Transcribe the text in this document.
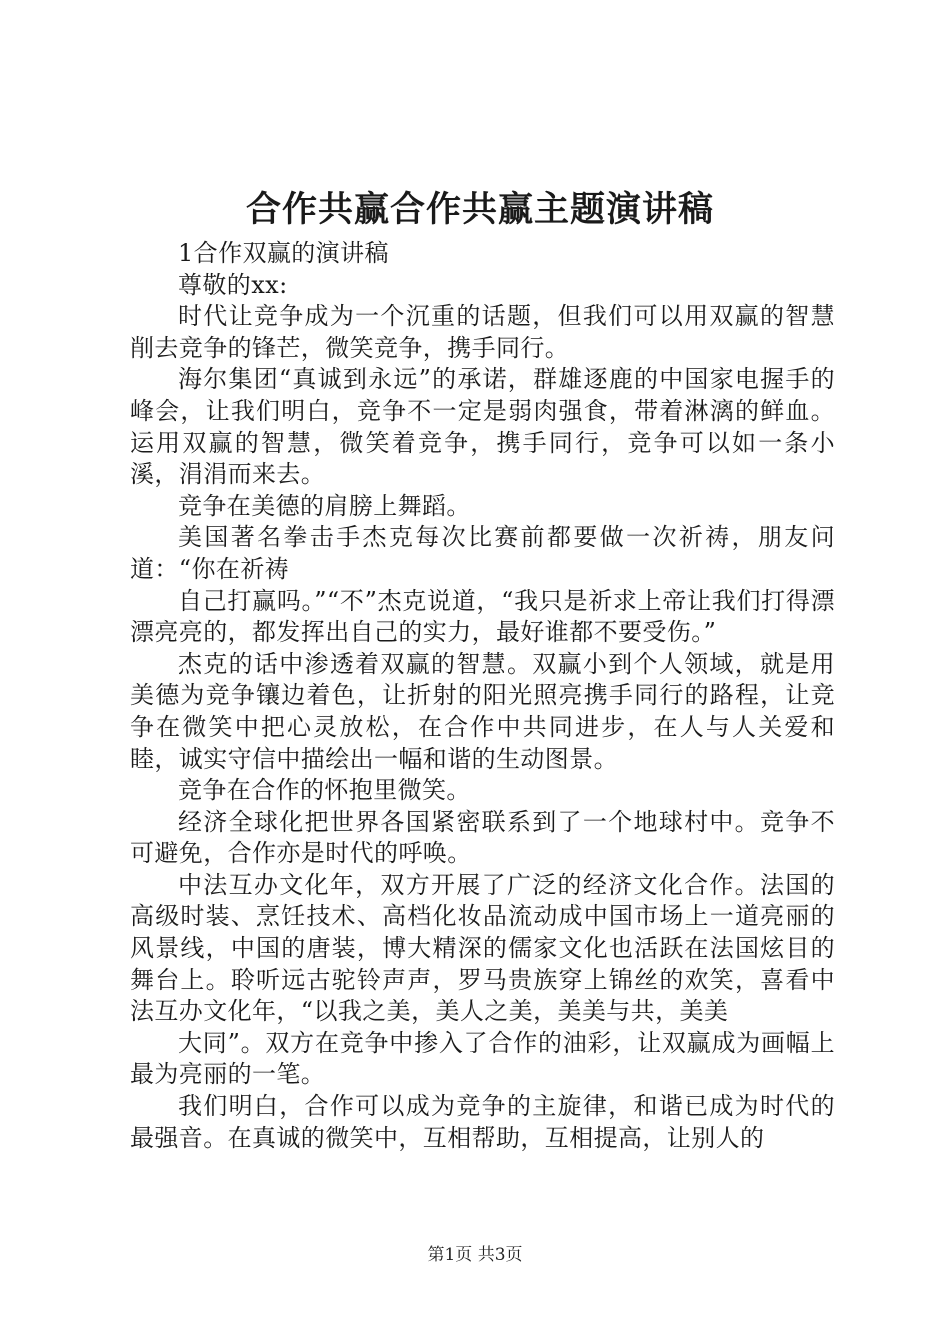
合作共赢合作共赢主题演讲稿

1合作双赢的演讲稿

尊敬的xx:

时代让竞争成为一个沉重的话题，但我们可以用双赢的智慧削去竞争的锋芒，微笑竞争，携手同行。

海尔集团“真诚到永远”的承诺，群雄逐鹿的中国家电握手的峰会，让我们明白，竞争不一定是弱肉强食，带着淋漓的鲜血。运用双赢的智慧，微笑着竞争，携手同行，竞争可以如一条小溪，涓涓而来去。

竞争在美德的肩膀上舞蹈。

美国著名拳击手杰克每次比赛前都要做一次祈祷，朋友问道：“你在祈祷

自己打赢吗。”“不”杰克说道，“我只是祈求上帝让我们打得漂漂亮亮的，都发挥出自己的实力，最好谁都不要受伤。”

杰克的话中渗透着双赢的智慧。双赢小到个人领域，就是用美德为竞争镶边着色，让折射的阳光照亮携手同行的路程，让竞争在微笑中把心灵放松，在合作中共同进步，在人与人关爱和睦，诚实守信中描绘出一幅和谐的生动图景。

竞争在合作的怀抱里微笑。

经济全球化把世界各国紧密联系到了一个地球村中。竞争不可避免，合作亦是时代的呼唤。

中法互办文化年，双方开展了广泛的经济文化合作。法国的高级时装、烹饪技术、高档化妆品流动成中国市场上一道亮丽的风景线，中国的唐装，博大精深的儒家文化也活跃在法国炫目的舞台上。聆听远古驼铃声声，罗马贵族穿上锦丝的欢笑，喜看中法互办文化年，“以我之美，美人之美，美美与共，美美

大同”。双方在竞争中掺入了合作的油彩，让双赢成为画幅上最为亮丽的一笔。

我们明白，合作可以成为竞争的主旋律，和谐已成为时代的最强音。在真诚的微笑中，互相帮助，互相提高，让别人的

第1页 共3页
